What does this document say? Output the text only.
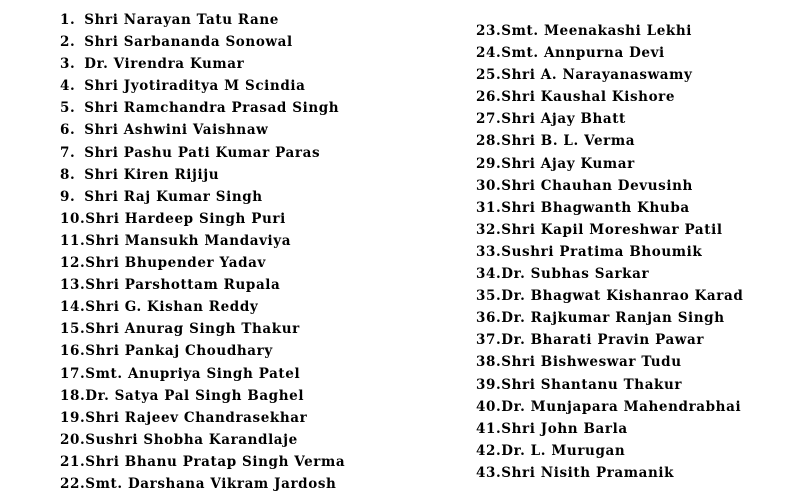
1. Shri Narayan Tatu Rane
2. Shri Sarbananda Sonowal
3. Dr. Virendra Kumar
4. Shri Jyotiraditya M Scindia
5. Shri Ramchandra Prasad Singh
6. Shri Ashwini Vaishnaw
7. Shri Pashu Pati Kumar Paras
8. Shri Kiren Rijiju
9. Shri Raj Kumar Singh
10.Shri Hardeep Singh Puri
11.Shri Mansukh Mandaviya
12.Shri Bhupender Yadav
13.Shri Parshottam Rupala
14.Shri G. Kishan Reddy
15.Shri Anurag Singh Thakur
16.Shri Pankaj Choudhary
17.Smt. Anupriya Singh Patel
18.Dr. Satya Pal Singh Baghel
19.Shri Rajeev Chandrasekhar
20.Sushri Shobha Karandlaje
21.Shri Bhanu Pratap Singh Verma
22.Smt. Darshana Vikram Jardosh
23.Smt. Meenakashi Lekhi
24.Smt. Annpurna Devi
25.Shri A. Narayanaswamy
26.Shri Kaushal Kishore
27.Shri Ajay Bhatt
28.Shri B. L. Verma
29.Shri Ajay Kumar
30.Shri Chauhan Devusinh
31.Shri Bhagwanth Khuba
32.Shri Kapil Moreshwar Patil
33.Sushri Pratima Bhoumik
34.Dr. Subhas Sarkar
35.Dr. Bhagwat Kishanrao Karad
36.Dr. Rajkumar Ranjan Singh
37.Dr. Bharati Pravin Pawar
38.Shri Bishweswar Tudu
39.Shri Shantanu Thakur
40.Dr. Munjapara Mahendrabhai
41.Shri John Barla
42.Dr. L. Murugan
43.Shri Nisith Pramanik
